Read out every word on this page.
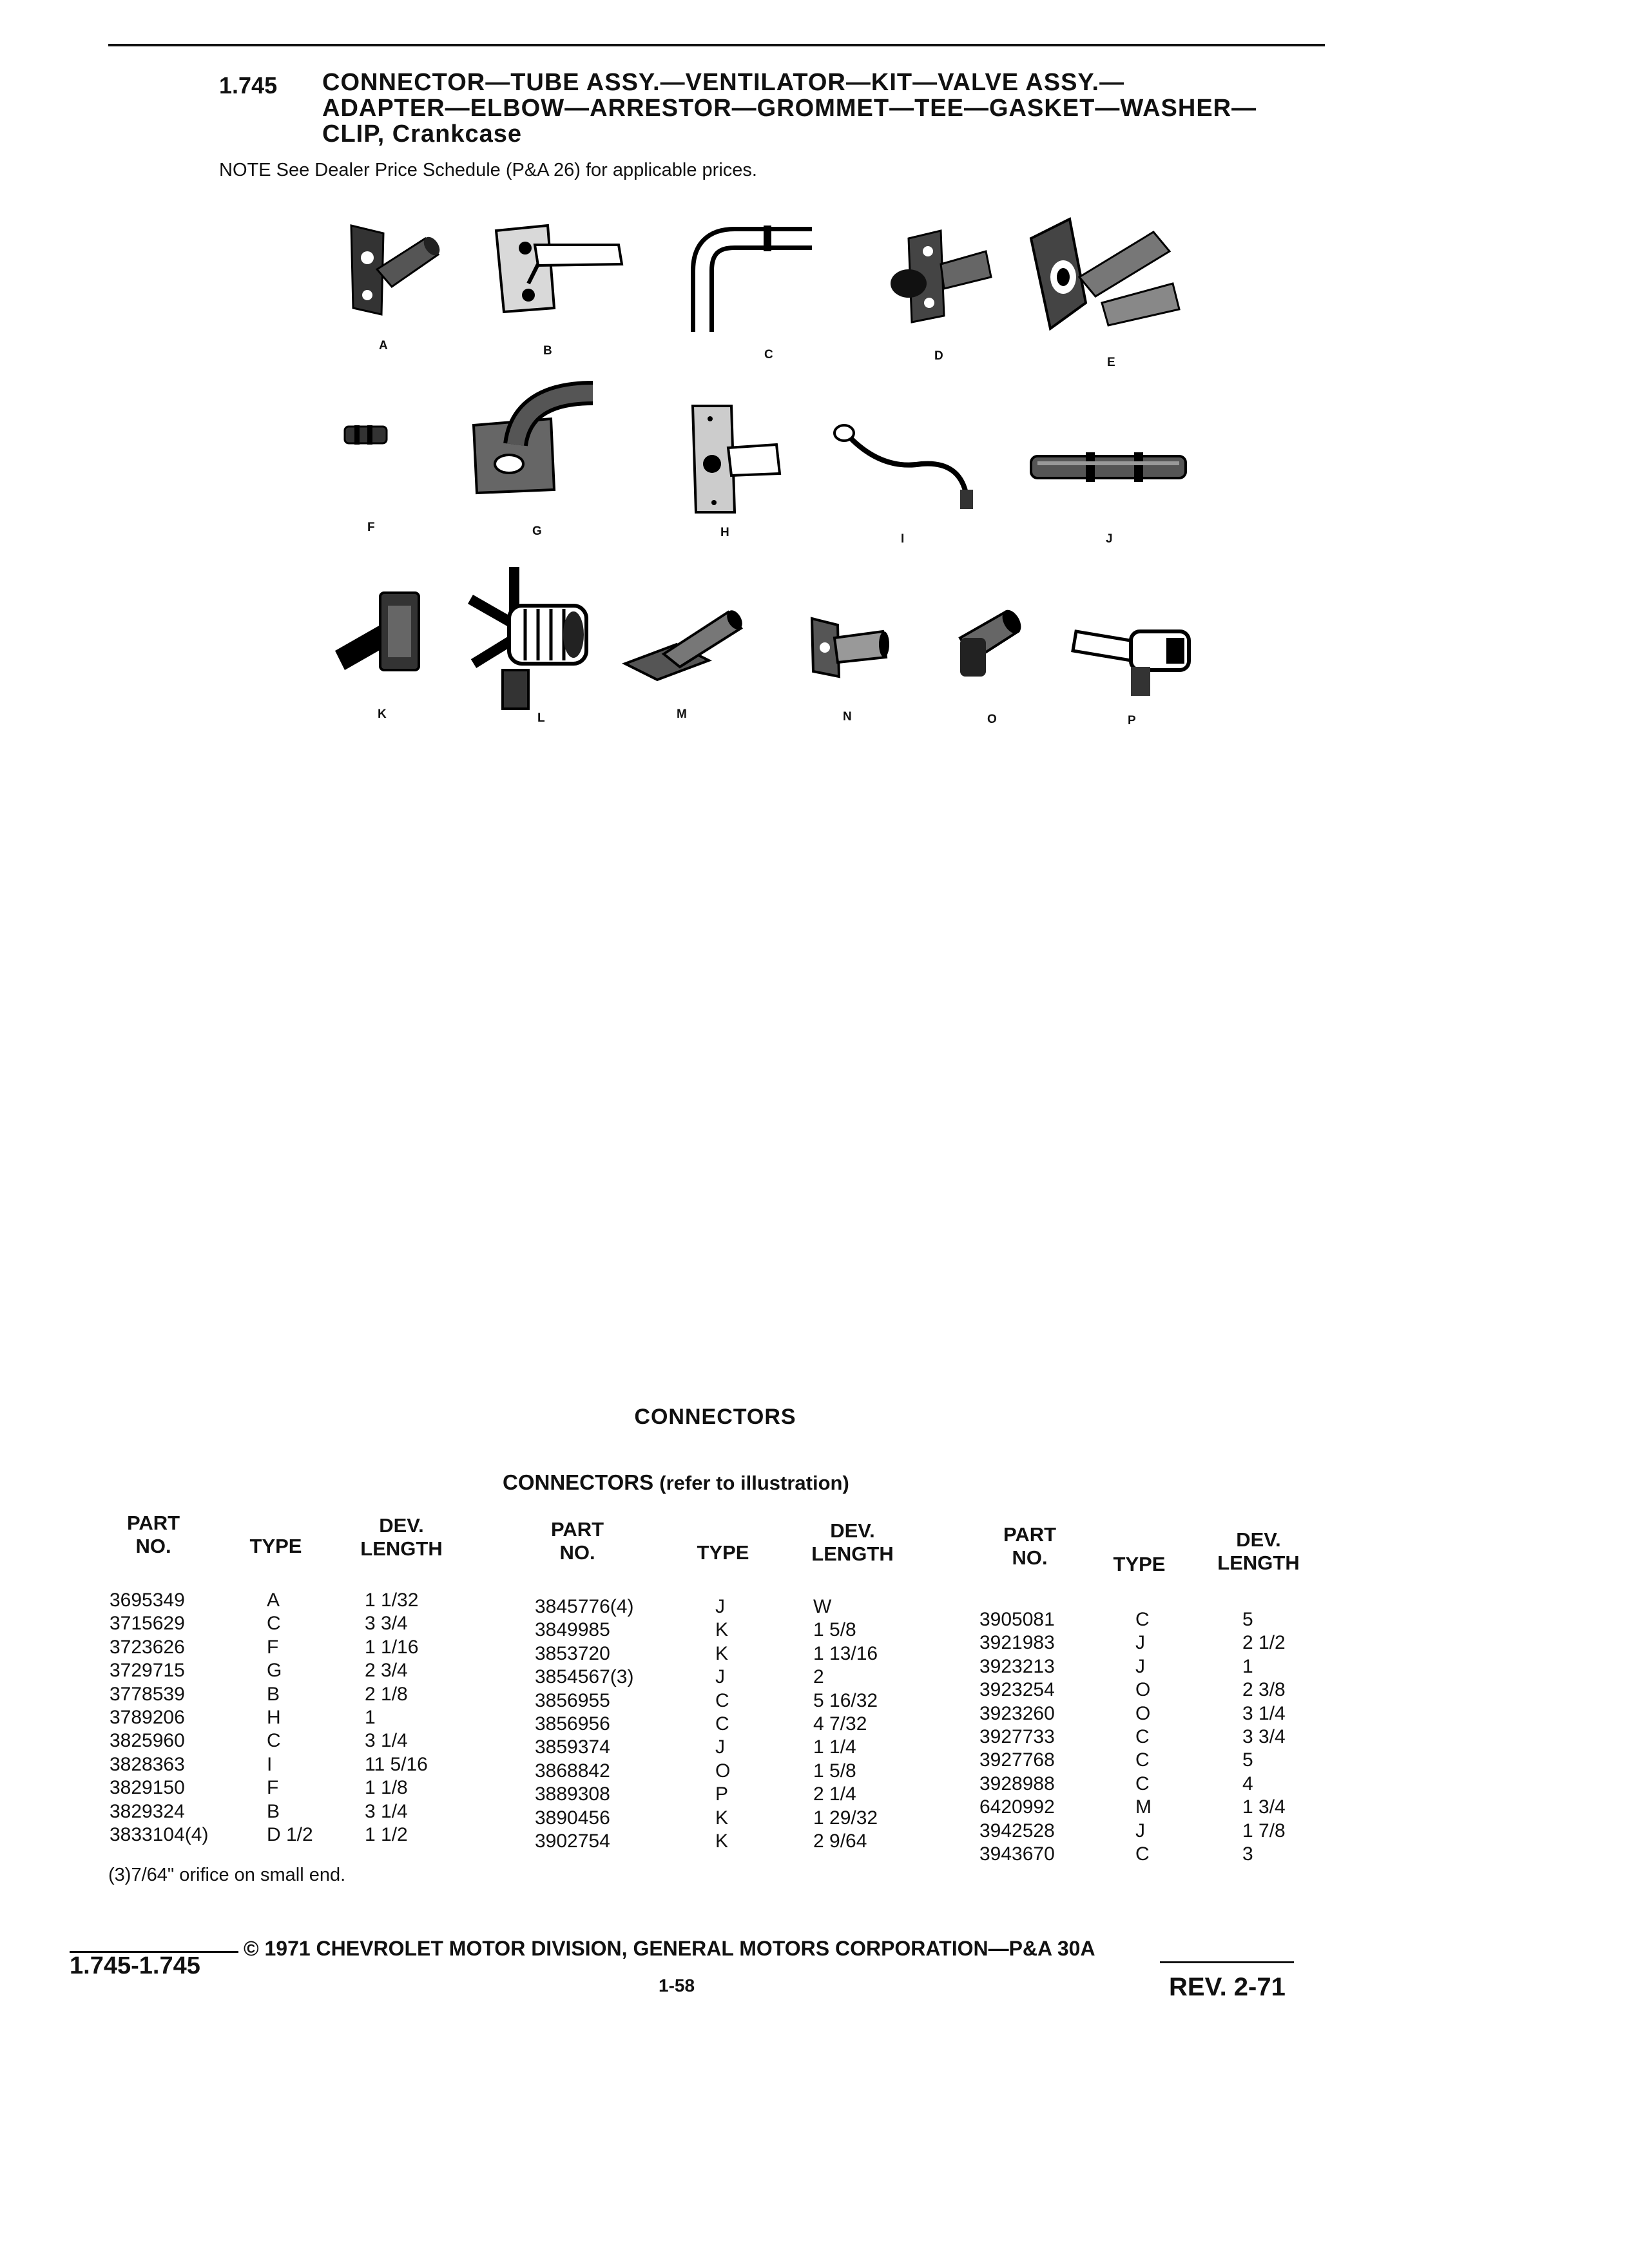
1.745 CONNECTOR—TUBE ASSY.—VENTILATOR—KIT—VALVE ASSY.—
ADAPTER—ELBOW—ARRESTOR—GROMMET—TEE—GASKET—WASHER—
CLIP, Crankcase
NOTE See Dealer Price Schedule (P&A 26) for applicable prices.
A	B	C	D	E
F	G	H	I	J
K	L	M	N	O	P
CONNECTORS
CONNECTORS (refer to illustration)
PART
NO.	TYPE
DEV.
LENGTH
PART
NO.	TYPE
DEV.
LENGTH
PART
NO.	TYPE
DEV.
LENGTH
3695349	A	1 1/32
3715629	C	3 3/4
3723626	F	1 1/16
3729715	G	2 3/4
3778539	B	2 1/8
3789206	H	1
3825960	C	3 1/4
3828363	I	11 5/16
3829150	F	1 1/8
3829324	B	3 1/4
3833104(4)	D 1/2	1 1/2
3845776(4)	J	W
3849985	K	1 5/8
3853720	K	1 13/16
3854567(3)	J	2
3856955	C	5 16/32
3856956	C	4 7/32
3859374	J	1 1/4
3868842	O	1 5/8
3889308	P	2 1/4
3890456	K	1 29/32
3902754	K	2 9/64
3905081	C	5
3921983	J	2 1/2
3923213	J	1
3923254	O	2 3/8
3923260	O	3 1/4
3927733	C	3 3/4
3927768	C	5
3928988	C	4
6420992	M	1 3/4
3942528	J	1 7/8
3943670	C	3
(3)7/64" orifice on small end.
© 1971 CHEVROLET MOTOR DIVISION, GENERAL MOTORS CORPORATION—P&A 30A
1.745-1.745
1-58	REV. 2-71
